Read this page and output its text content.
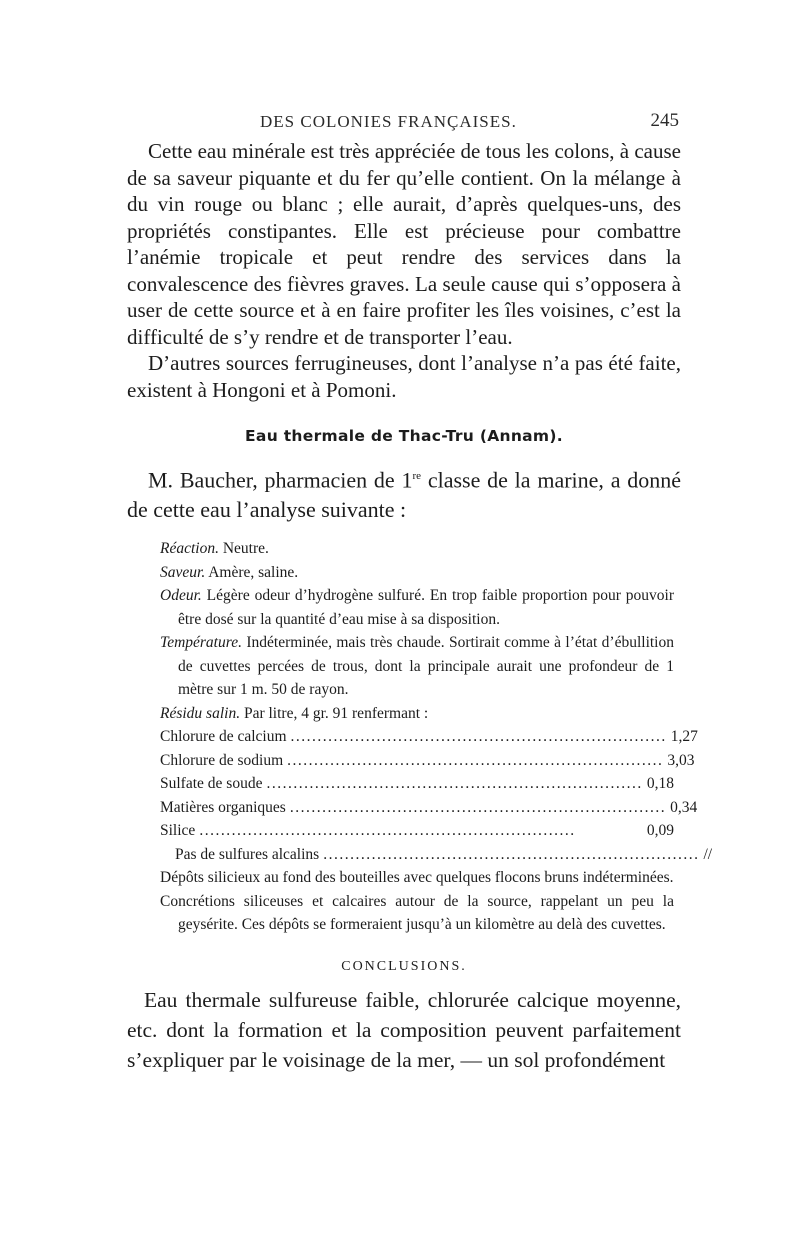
DES COLONIES FRANÇAISES.	245

Cette eau minérale est très appréciée de tous les colons, à cause de sa saveur piquante et du fer qu’elle contient. On la mélange à du vin rouge ou blanc ; elle aurait, d’après quelques-uns, des propriétés constipantes. Elle est précieuse pour combattre l’anémie tropicale et peut rendre des services dans la convalescence des fièvres graves. La seule cause qui s’opposera à user de cette source et à en faire profiter les îles voisines, c’est la difficulté de s’y rendre et de transporter l’eau.

D’autres sources ferrugineuses, dont l’analyse n’a pas été faite, existent à Hongoni et à Pomoni.

Eau thermale de Thac-Tru (Annam).

M. Baucher, pharmacien de 1re classe de la marine, a donné de cette eau l’analyse suivante :

Réaction. Neutre.
Saveur. Amère, saline.
Odeur. Légère odeur d’hydrogène sulfuré. En trop faible proportion pour pouvoir être dosé sur la quantité d’eau mise à sa disposition.
Température. Indéterminée, mais très chaude. Sortirait comme à l’état d’ébullition de cuvettes percées de trous, dont la principale aurait une profondeur de 1 mètre sur 1 m. 50 de rayon.
Résidu salin. Par litre, 4 gr. 91 renfermant :
Chlorure de calcium ...................................................................... 1,27
Chlorure de sodium ...................................................................... 3,03
Sulfate de soude ...................................................................... 0,18
Matières organiques ...................................................................... 0,34
Silice ......................................................................	0,09
Pas de sulfures alcalins ...................................................................... //

Dépôts silicieux au fond des bouteilles avec quelques flocons bruns indéterminées.

Concrétions siliceuses et calcaires autour de la source, rappelant un peu la geysérite. Ces dépôts se formeraient jusqu’à un kilomètre au delà des cuvettes.

CONCLUSIONS.

Eau thermale sulfureuse faible, chlorurée calcique moyenne, etc. dont la formation et la composition peuvent parfaitement s’expliquer par le voisinage de la mer, — un sol profondément
